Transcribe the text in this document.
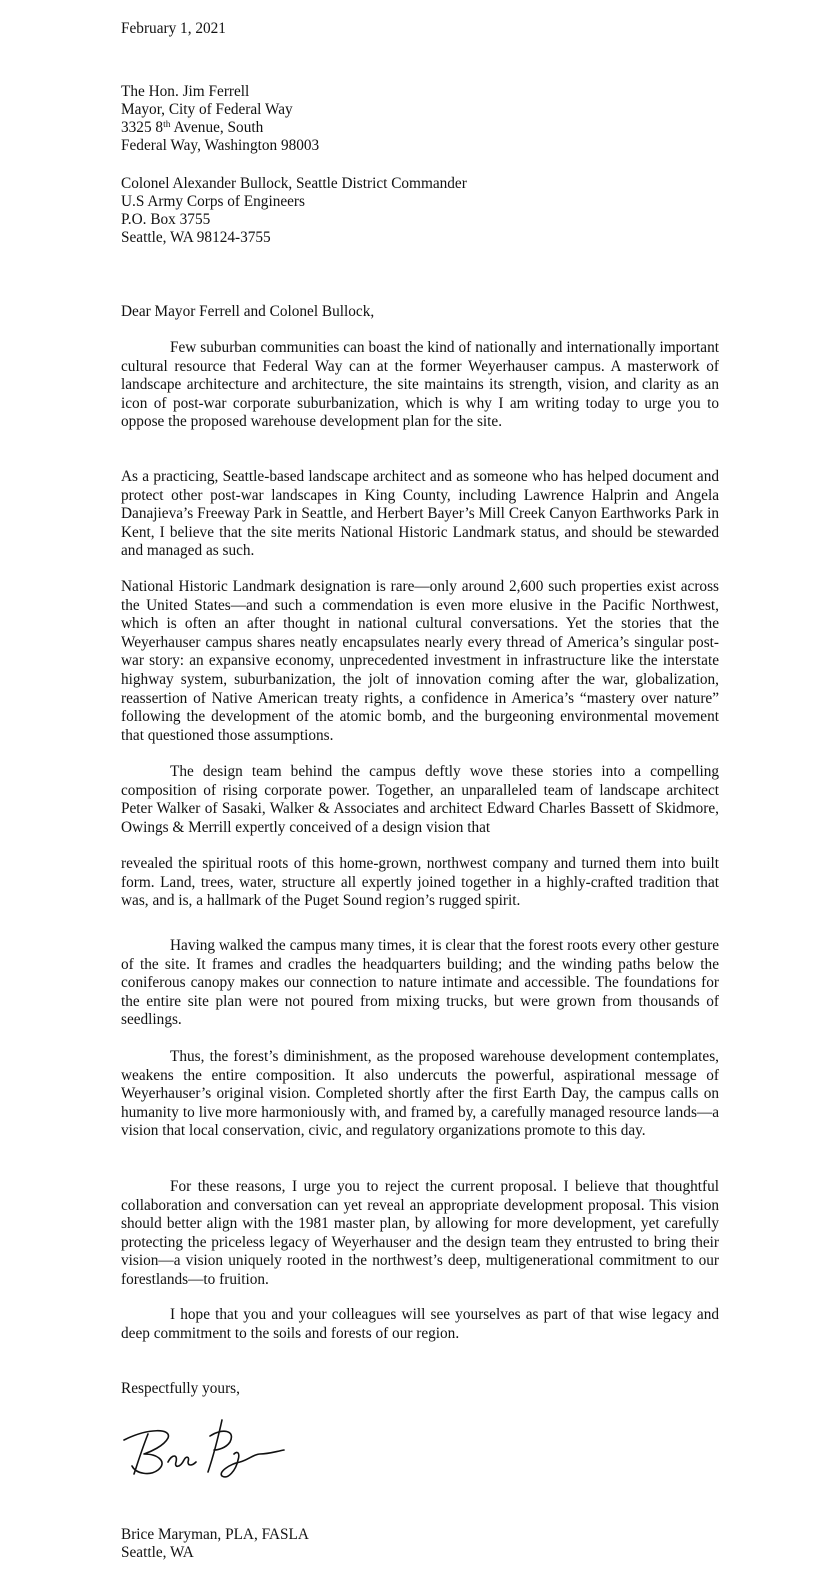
February 1, 2021
The Hon. Jim Ferrell
Mayor, City of Federal Way
3325 8th Avenue, South
Federal Way, Washington 98003
Colonel Alexander Bullock, Seattle District Commander
U.S Army Corps of Engineers
P.O. Box 3755
Seattle, WA 98124-3755
Dear Mayor Ferrell and Colonel Bullock,
Few suburban communities can boast the kind of nationally and internationally important cultural resource that Federal Way can at the former Weyerhauser campus. A masterwork of landscape architecture and architecture, the site maintains its strength, vision, and clarity as an icon of post-war corporate suburbanization, which is why I am writing today to urge you to oppose the proposed warehouse development plan for the site.
As a practicing, Seattle-based landscape architect and as someone who has helped document and protect other post-war landscapes in King County, including Lawrence Halprin and Angela Danajieva’s Freeway Park in Seattle, and Herbert Bayer’s Mill Creek Canyon Earthworks Park in Kent, I believe that the site merits National Historic Landmark status, and should be stewarded and managed as such.
National Historic Landmark designation is rare—only around 2,600 such properties exist across the United States—and such a commendation is even more elusive in the Pacific Northwest, which is often an after thought in national cultural conversations. Yet the stories that the Weyerhauser campus shares neatly encapsulates nearly every thread of America’s singular post-war story: an expansive economy, unprecedented investment in infrastructure like the interstate highway system, suburbanization, the jolt of innovation coming after the war, globalization, reassertion of Native American treaty rights, a confidence in America’s “mastery over nature” following the development of the atomic bomb, and the burgeoning environmental movement that questioned those assumptions.
The design team behind the campus deftly wove these stories into a compelling composition of rising corporate power. Together, an unparalleled team of landscape architect Peter Walker of Sasaki, Walker & Associates and architect Edward Charles Bassett of Skidmore, Owings & Merrill expertly conceived of a design vision that
revealed the spiritual roots of this home-grown, northwest company and turned them into built form. Land, trees, water, structure all expertly joined together in a highly-crafted tradition that was, and is, a hallmark of the Puget Sound region’s rugged spirit.
Having walked the campus many times, it is clear that the forest roots every other gesture of the site. It frames and cradles the headquarters building; and the winding paths below the coniferous canopy makes our connection to nature intimate and accessible. The foundations for the entire site plan were not poured from mixing trucks, but were grown from thousands of seedlings.
Thus, the forest’s diminishment, as the proposed warehouse development contemplates, weakens the entire composition. It also undercuts the powerful, aspirational message of Weyerhauser’s original vision. Completed shortly after the first Earth Day, the campus calls on humanity to live more harmoniously with, and framed by, a carefully managed resource lands—a vision that local conservation, civic, and regulatory organizations promote to this day.
For these reasons, I urge you to reject the current proposal. I believe that thoughtful collaboration and conversation can yet reveal an appropriate development proposal. This vision should better align with the 1981 master plan, by allowing for more development, yet carefully protecting the priceless legacy of Weyerhauser and the design team they entrusted to bring their vision—a vision uniquely rooted in the northwest’s deep, multigenerational commitment to our forestlands—to fruition.
I hope that you and your colleagues will see yourselves as part of that wise legacy and deep commitment to the soils and forests of our region.
Respectfully yours,
Brice Maryman, PLA, FASLA
Seattle, WA
